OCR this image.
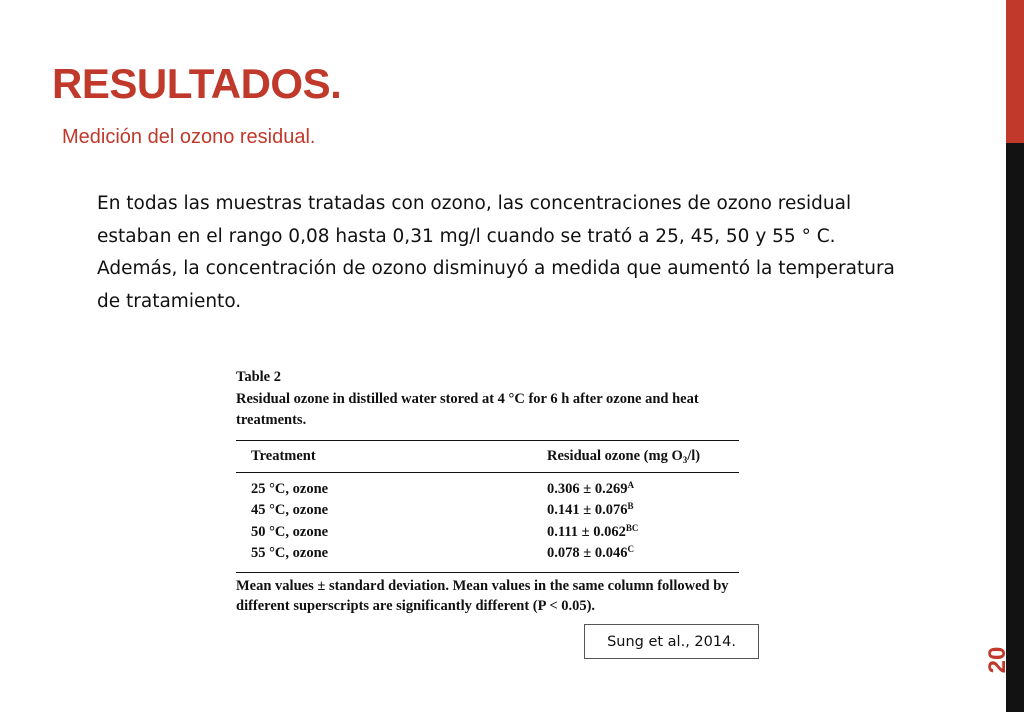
RESULTADOS.
Medición del ozono residual.
En todas las muestras tratadas con ozono, las concentraciones de ozono residual estaban en el rango 0,08 hasta 0,31 mg/l cuando se trató a 25, 45, 50 y 55 ° C. Además, la concentración de ozono disminuyó a medida que aumentó la temperatura de tratamiento.
Table 2
Residual ozone in distilled water stored at 4 °C for 6 h after ozone and heat treatments.
Treatment	Residual ozone (mg $O_3/l$)
25 °C, ozone	$0.306 \pm 0.269^A$
45 °C, ozone	$0.141 \pm 0.076^B$
50 °C, ozone	$0.111 \pm 0.062^{BC}$
55 °C, ozone	$0.078 \pm 0.046^C$
Mean values ± standard deviation. Mean values in the same column followed by different superscripts are significantly different (P < 0.05).
Sung et al., 2014.
20
